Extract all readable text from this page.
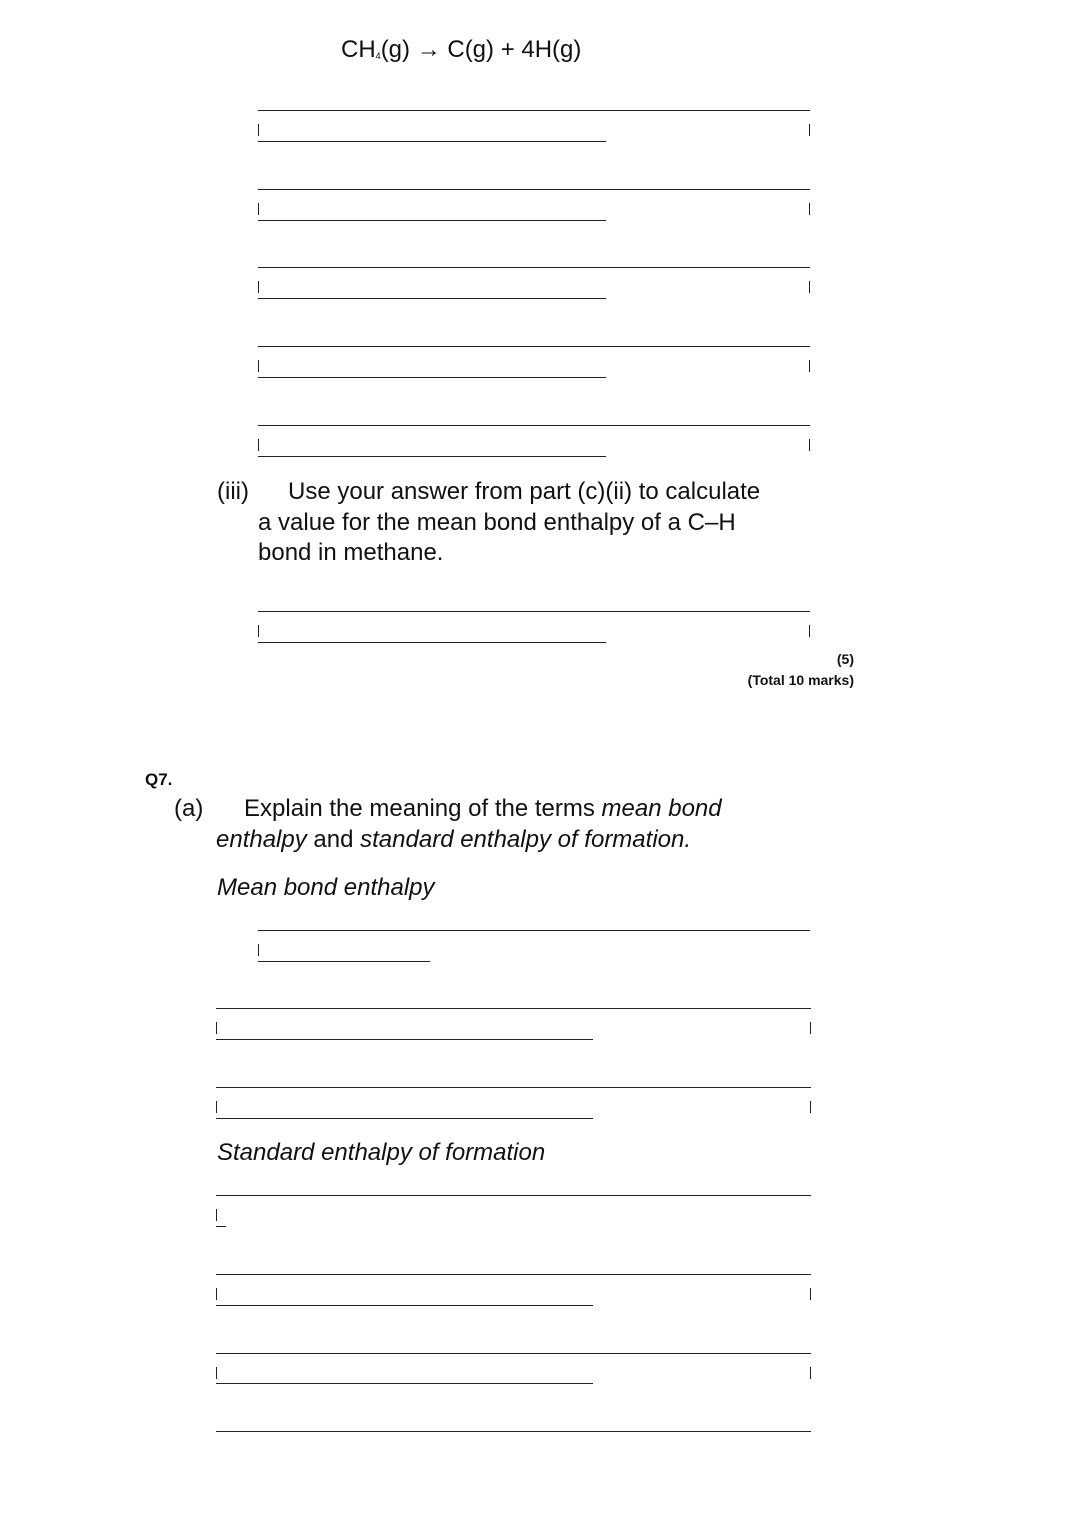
$CH_4(g) \to C(g) + 4H(g)$
(iii) Use your answer from part (c)(ii) to calculate
a value for the mean bond enthalpy of a C–H
bond in methane.
(5)
(Total 10 marks)
Q7.
(a) Explain the meaning of the terms mean bond
enthalpy and standard enthalpy of formation.
Mean bond enthalpy
Standard enthalpy of formation
